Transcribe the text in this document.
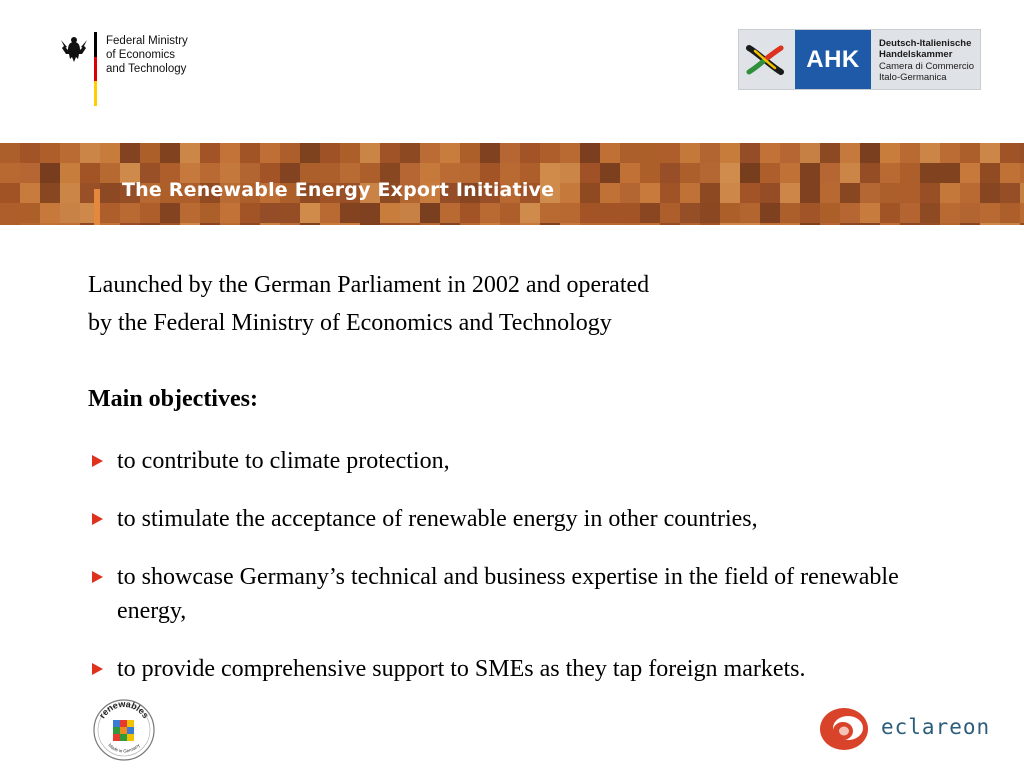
Federal Ministry
of Economics
and Technology	AHK
Deutsch-Italienische
Handelskammer
Camera di Commercio
Italo-Germanica
The Renewable Energy Export Initiative
Launched by the German Parliament in 2002 and operated
by the Federal Ministry of Economics and Technology
Main objectives:
to contribute to climate protection,
to stimulate the acceptance of renewable energy in other countries,
to showcase Germany’s technical and business expertise in the field of renewable energy,
to provide comprehensive support to SMEs as they tap foreign markets.
renewables
Made in Germany
eclareon
